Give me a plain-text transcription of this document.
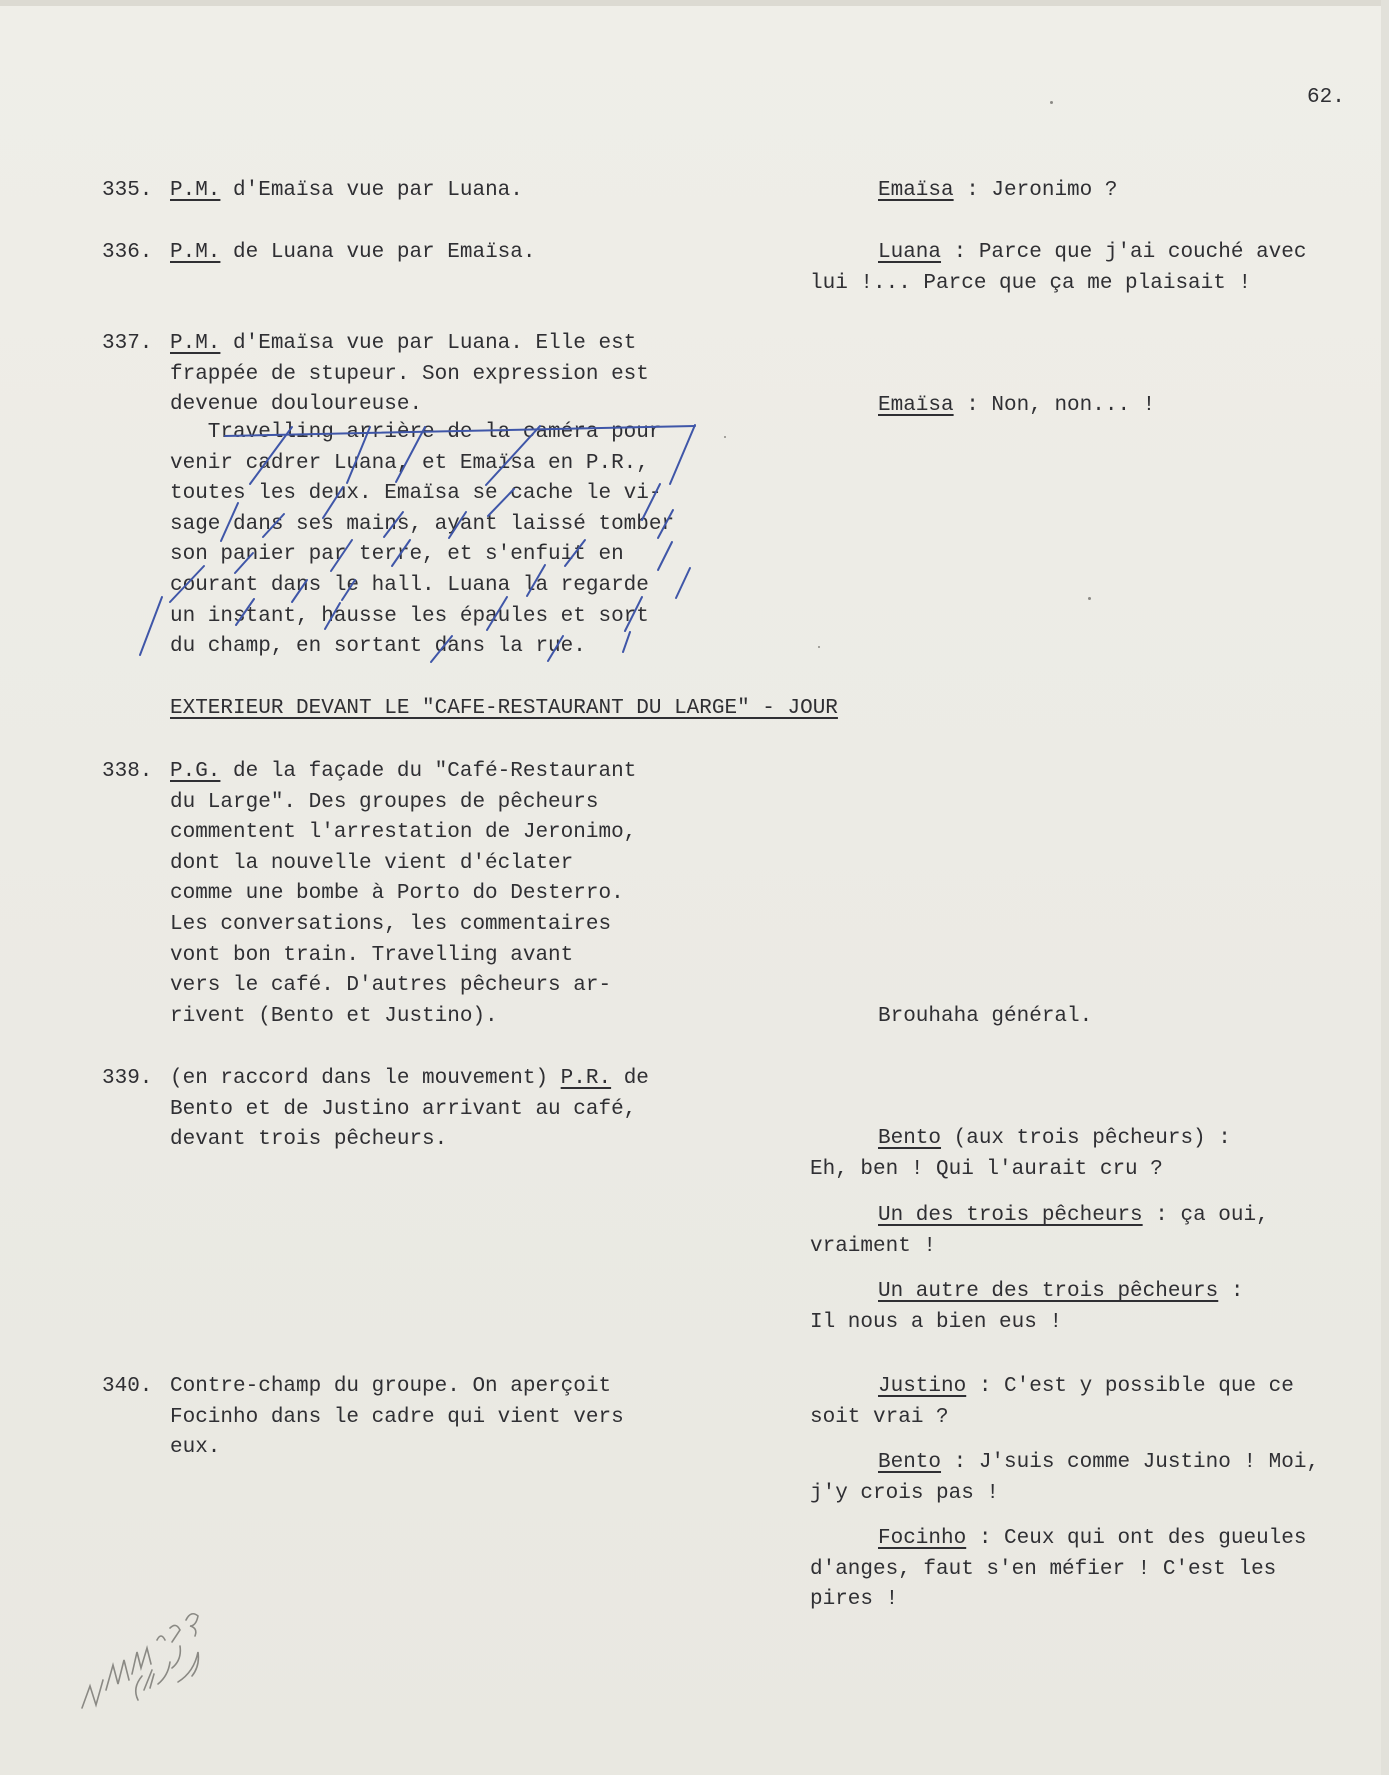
62.
335. P.M. d'Emaïsa vue par Luana.
336. P.M. de Luana vue par Emaïsa.
337. P.M. d'Emaïsa vue par Luana. Elle est
frappée de stupeur. Son expression est
devenue douloureuse.
Travelling arrière de la caméra pour
venir cadrer Luana, et Emaïsa en P.R.,
toutes les deux. Emaïsa se cache le vi-
sage dans ses mains, ayant laissé tomber
son panier par terre, et s'enfuit en
courant dans le hall. Luana la regarde
un instant, hausse les épaules et sort
du champ, en sortant dans la rue.
EXTERIEUR DEVANT LE "CAFE-RESTAURANT DU LARGE" - JOUR
338. P.G. de la façade du "Café-Restaurant
du Large". Des groupes de pêcheurs
commentent l'arrestation de Jeronimo,
dont la nouvelle vient d'éclater
comme une bombe à Porto do Desterro.
Les conversations, les commentaires
vont bon train. Travelling avant
vers le café. D'autres pêcheurs ar-
rivent (Bento et Justino).
339. (en raccord dans le mouvement) P.R. de
Bento et de Justino arrivant au café,
devant trois pêcheurs.
340. Contre-champ du groupe. On aperçoit
Focinho dans le cadre qui vient vers
eux.
Emaïsa : Jeronimo ?
Luana : Parce que j'ai couché avec
lui !... Parce que ça me plaisait !
Emaïsa : Non, non... !
Brouhaha général.
Bento (aux trois pêcheurs) :
Eh, ben ! Qui l'aurait cru ?
Un des trois pêcheurs : ça oui,
vraiment !
Un autre des trois pêcheurs :
Il nous a bien eus !
Justino : C'est y possible que ce
soit vrai ?
Bento : J'suis comme Justino ! Moi,
j'y crois pas !
Focinho : Ceux qui ont des gueules
d'anges, faut s'en méfier ! C'est les
pires !
